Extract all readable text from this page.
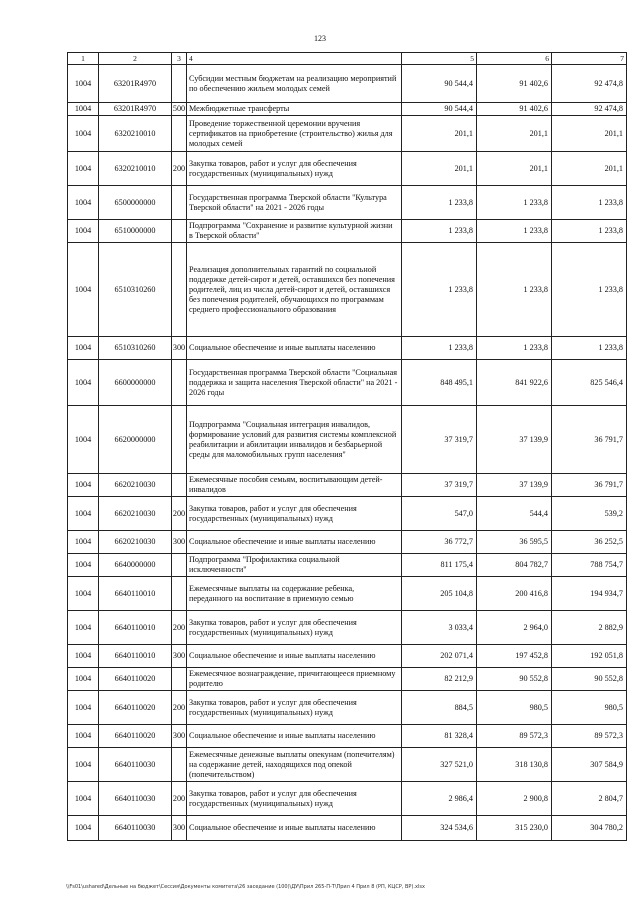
123
1	2	3	4	5	6	7
1004	63201R4970		Субсидии местным бюджетам на реализацию мероприятий по обеспечению жильем молодых семей	90 544,4	91 402,6	92 474,8
1004	63201R4970	500	Межбюджетные трансферты	90 544,4	91 402,6	92 474,8
1004	6320210010		Проведение торжественной церемонии вручения сертификатов на приобретение (строительство) жилья для молодых семей	201,1	201,1	201,1
1004	6320210010	200	Закупка товаров, работ и услуг для обеспечения государственных (муниципальных) нужд	201,1	201,1	201,1
1004	6500000000		Государственная программа Тверской области "Культура Тверской области" на 2021 - 2026 годы	1 233,8	1 233,8	1 233,8
1004	6510000000		Подпрограмма "Сохранение и развитие культурной жизни в Тверской области"	1 233,8	1 233,8	1 233,8
1004	6510310260		Реализация дополнительных гарантий по социальной поддержке детей-сирот и детей, оставшихся без попечения родителей, лиц из числа детей-сирот и детей, оставшихся без попечения родителей, обучающихся по программам среднего профессионального образования	1 233,8	1 233,8	1 233,8
1004	6510310260	300	Социальное обеспечение и иные выплаты населению	1 233,8	1 233,8	1 233,8
1004	6600000000		Государственная программа Тверской области "Социальная поддержка и защита населения Тверской области" на 2021 - 2026 годы	848 495,1	841 922,6	825 546,4
1004	6620000000		Подпрограмма "Социальная интеграция инвалидов, формирование условий для развития системы комплексной реабилитации и абилитации инвалидов и безбарьерной среды для маломобильных групп населения"	37 319,7	37 139,9	36 791,7
1004	6620210030		Ежемесячные пособия семьям, воспитывающим детей-инвалидов	37 319,7	37 139,9	36 791,7
1004	6620210030	200	Закупка товаров, работ и услуг для обеспечения государственных (муниципальных) нужд	547,0	544,4	539,2
1004	6620210030	300	Социальное обеспечение и иные выплаты населению	36 772,7	36 595,5	36 252,5
1004	6640000000		Подпрограмма "Профилактика социальной исключенности"	811 175,4	804 782,7	788 754,7
1004	6640110010		Ежемесячные выплаты на содержание ребенка, переданного на воспитание в приемную семью	205 104,8	200 416,8	194 934,7
1004	6640110010	200	Закупка товаров, работ и услуг для обеспечения государственных (муниципальных) нужд	3 033,4	2 964,0	2 882,9
1004	6640110010	300	Социальное обеспечение и иные выплаты населению	202 071,4	197 452,8	192 051,8
1004	6640110020		Ежемесячное вознаграждение, причитающееся приемному родителю	82 212,9	90 552,8	90 552,8
1004	6640110020	200	Закупка товаров, работ и услуг для обеспечения государственных (муниципальных) нужд	884,5	980,5	980,5
1004	6640110020	300	Социальное обеспечение и иные выплаты населению	81 328,4	89 572,3	89 572,3
1004	6640110030		Ежемесячные денежные выплаты опекунам (попечителям) на содержание детей, находящихся под опекой (попечительством)	327 521,0	318 130,8	307 584,9
1004	6640110030	200	Закупка товаров, работ и услуг для обеспечения государственных (муниципальных) нужд	2 986,4	2 900,8	2 804,7
1004	6640110030	300	Социальное обеспечение и иные выплаты населению	324 534,6	315 230,0	304 780,2
\\Fs01\ushared\Дельные на бюджет\Сессия\Документы комитета\26 заседание (100)\ДУ\Прил 265-П-Т\Прил 4 Прил 8 (РП, КЦСР, ВР).xlsx
